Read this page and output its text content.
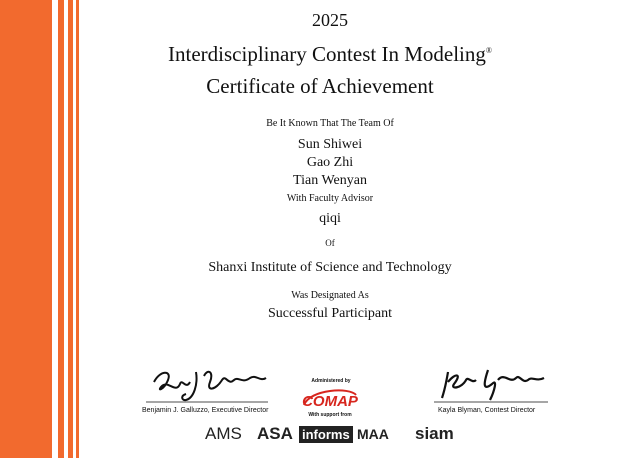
2025
Interdisciplinary Contest In Modeling®
Certificate of Achievement
Be It Known That The Team Of
Sun Shiwei
Gao Zhi
Tian Wenyan
With Faculty Advisor
qiqi
Of
Shanxi Institute of Science and Technology
Was Designated As
Successful Participant
Benjamin J. Galluzzo, Executive Director
Administered by
COMAP
With support from
Kayla Blyman, Contest Director
AMS ASA informs MAA siam
